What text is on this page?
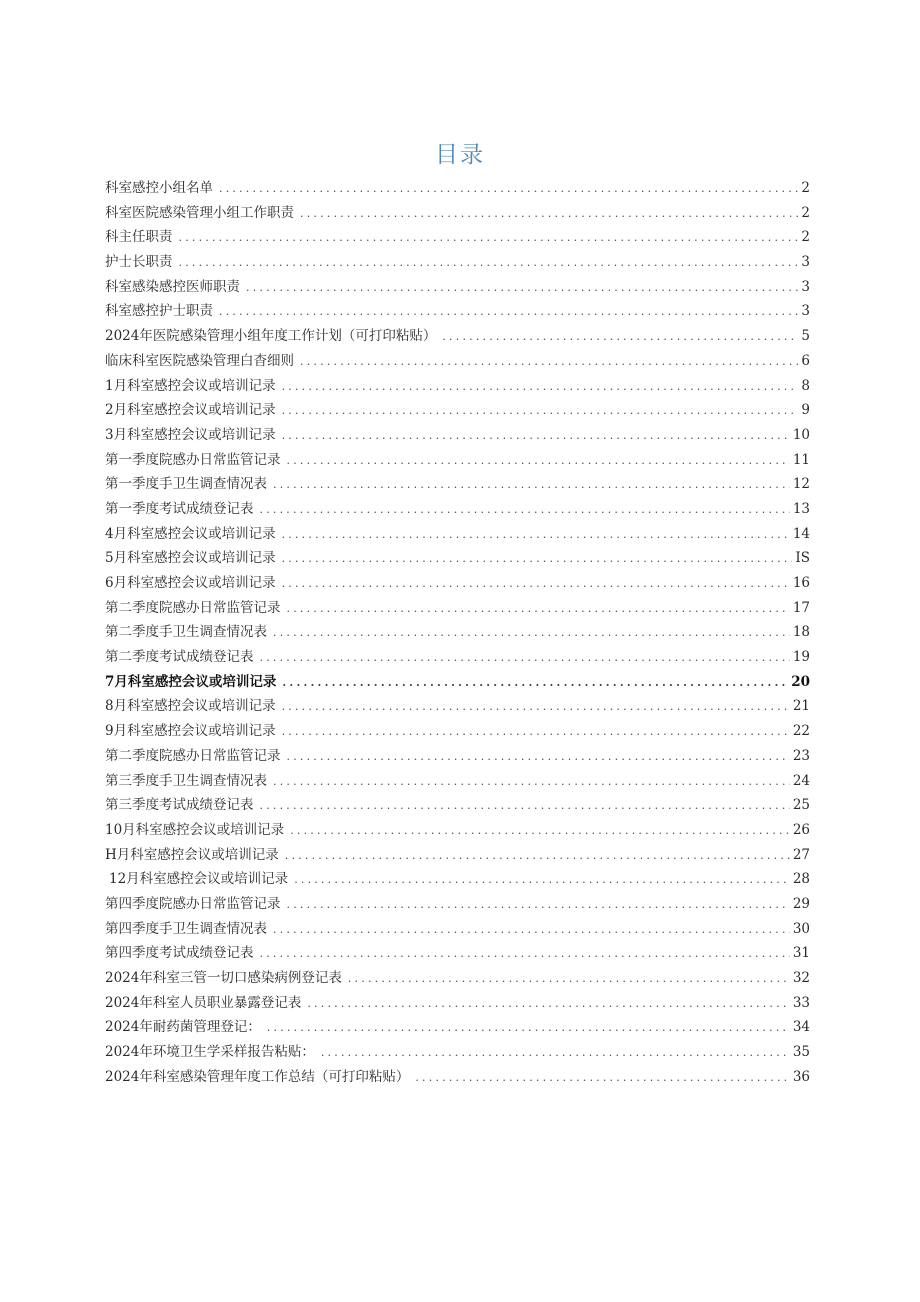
目录
科室感控小组名单 .....	2
科室医院感染管理小组工作职责 .....	2
科主任职责 .....	2
护士长职责 .....	3
科室感染感控医师职责 .....	3
科室感控护士职责 .....	3
2024年医院感染管理小组年度工作计划（可打印粘贴） .....	5
临床科室医院感染管理白杳细则 .....	6
1月科室感控会议或培训记录 .....	8
2月科室感控会议或培训记录 .....	9
3月科室感控会议或培训记录 .....	10
第一季度院感办日常监管记录 .....	11
第一季度手卫生调查情况表 .....	12
第一季度考试成绩登记表 .....	13
4月科室感控会议或培训记录 .....	14
5月科室感控会议或培训记录 .....	IS
6月科室感控会议或培训记录 .....	16
第二季度院感办日常监管记录 .....	17
第二季度手卫生调查情况表 .....	18
第二季度考试成绩登记表 .....	19
7月科室感控会议或培训记录 .....	20
8月科室感控会议或培训记录 .....	21
9月科室感控会议或培训记录 .....	22
第二季度院感办日常监管记录 .....	23
第三季度手卫生调查情况表 .....	24
第三季度考试成绩登记表 .....	25
10月科室感控会议或培训记录 .....	26
H月科室感控会议或培训记录 .....	27
12月科室感控会议或培训记录 .....	28
第四季度院感办日常监管记录 .....	29
第四季度手卫生调查情况表 .....	30
第四季度考试成绩登记表 .....	31
2024年科室三管一切口感染病例登记表 .....	32
2024年科室人员职业暴露登记表 .....	33
2024年耐药菌管理登记： .....	34
2024年环境卫生学采样报告粘贴： .....	35
2024年科室感染管理年度工作总结（可打印粘贴） .....	36
